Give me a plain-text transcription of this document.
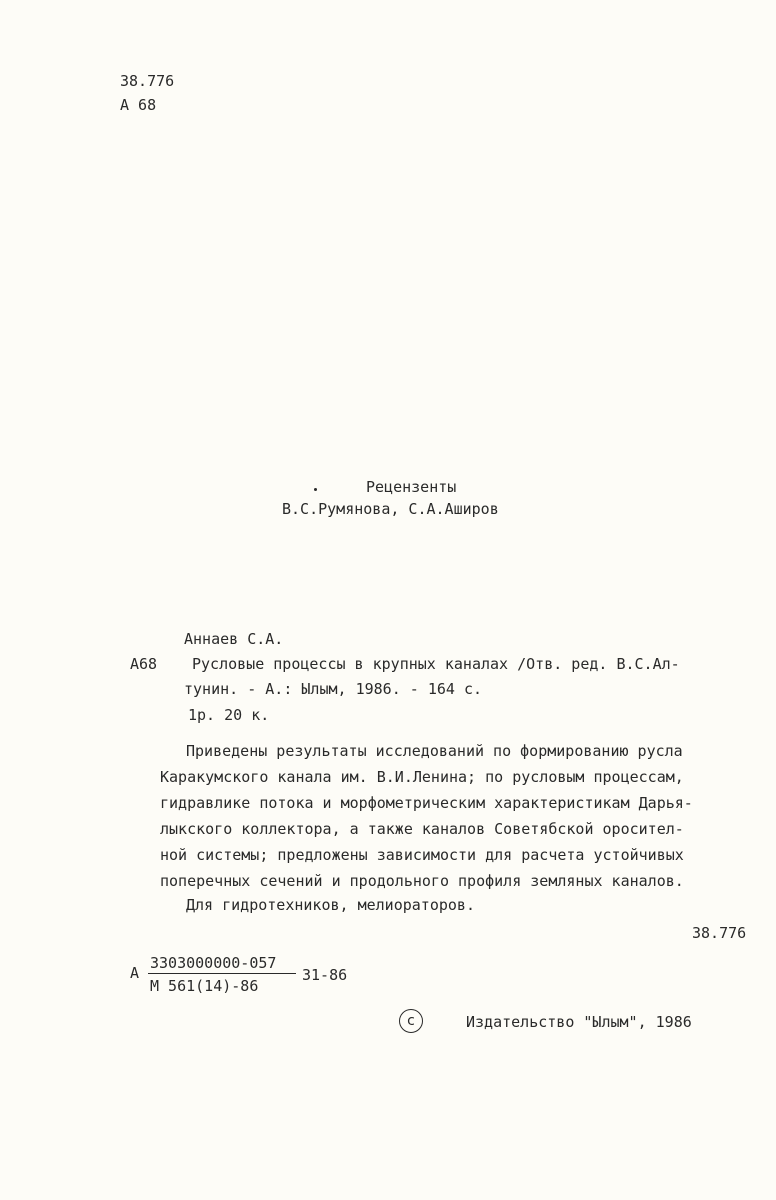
38.776
А 68
Рецензенты
В.С.Румянова, С.А.Аширов
Аннаев С.А.
А68 Русловые процессы в крупных каналах /Отв. ред. В.С.Ал-
тунин. - А.: Ылым, 1986. - 164 с.
1р. 20 к.
Приведены результаты исследований по формированию русла
Каракумского канала им. В.И.Ленина; по русловым процессам,
гидравлике потока и морфометрическим характеристикам Дарья-
лыкского коллектора, а также каналов Советябской оросител-
ной системы; предложены зависимости для расчета устойчивых
поперечных сечений и продольного профиля земляных каналов.
Для гидротехников, мелиораторов.
38.776
А
3303000000-057
М 561(14)-86
31-86
с	Издательство "Ылым", 1986
